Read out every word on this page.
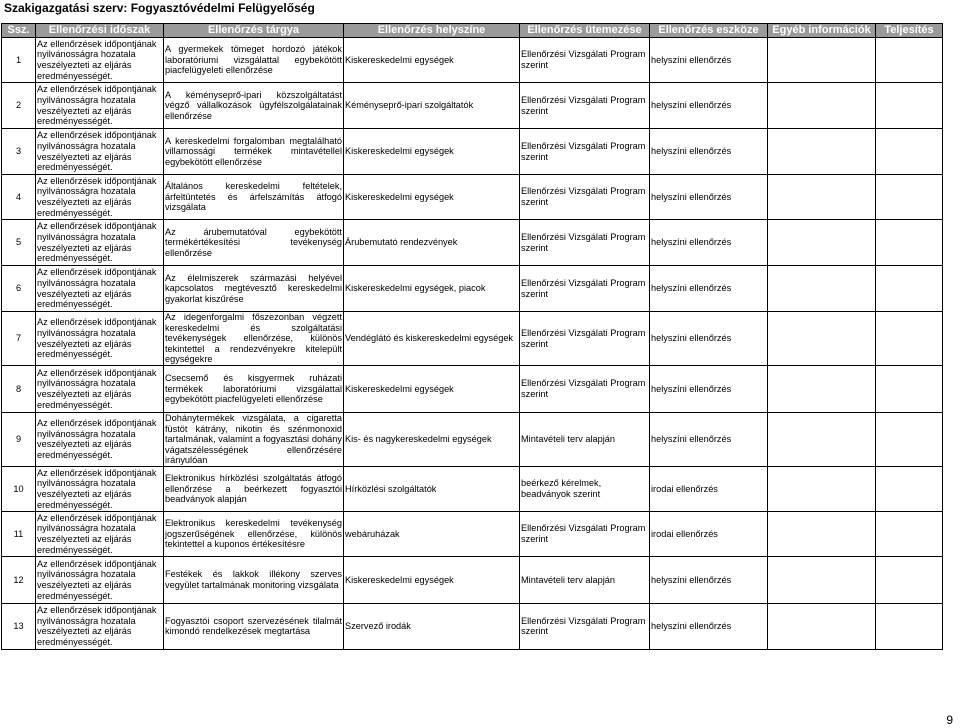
Szakigazgatási szerv: Fogyasztóvédelmi Felügyelőség
Ssz.	Ellenőrzési időszak	Ellenőrzés tárgya	Ellenőrzés helyszíne	Ellenőrzés ütemezése	Ellenőrzés eszköze	Egyéb információk	Teljesítés
1	Az ellenőrzések időpontjának nyilvánosságra hozatala veszélyezteti az eljárás eredményességét.	A gyermekek tömeget hordozó játékok laboratóriumi vizsgálattal egybekötött piacfelügyeleti ellenőrzése	Kiskereskedelmi egységek	Ellenőrzési Vizsgálati Program szerint	helyszíni ellenőrzés		
2	Az ellenőrzések időpontjának nyilvánosságra hozatala veszélyezteti az eljárás eredményességét.	A kéményseprő-ipari közszolgáltatást végző vállalkozások ügyfélszolgálatainak ellenőrzése	Kéményseprő-ipari szolgáltatók	Ellenőrzési Vizsgálati Program szerint	helyszíni ellenőrzés		
3	Az ellenőrzések időpontjának nyilvánosságra hozatala veszélyezteti az eljárás eredményességét.	A kereskedelmi forgalomban megtalálható villamossági termékek mintavétellel egybekötött ellenőrzése	Kiskereskedelmi egységek	Ellenőrzési Vizsgálati Program szerint	helyszíni ellenőrzés		
4	Az ellenőrzések időpontjának nyilvánosságra hozatala veszélyezteti az eljárás eredményességét.	Általános kereskedelmi feltételek, árfeltüntetés és árfelszámítás átfogó vizsgálata	Kiskereskedelmi egységek	Ellenőrzési Vizsgálati Program szerint	helyszíni ellenőrzés		
5	Az ellenőrzések időpontjának nyilvánosságra hozatala veszélyezteti az eljárás eredményességét.	Az árubemutatóval egybekötött termékértékesítési tevékenység ellenőrzése	Árubemutató rendezvények	Ellenőrzési Vizsgálati Program szerint	helyszíni ellenőrzés		
6	Az ellenőrzések időpontjának nyilvánosságra hozatala veszélyezteti az eljárás eredményességét.	Az élelmiszerek származási helyével kapcsolatos megtévesztő kereskedelmi gyakorlat kiszűrése	Kiskereskedelmi egységek, piacok	Ellenőrzési Vizsgálati Program szerint	helyszíni ellenőrzés		
7	Az ellenőrzések időpontjának nyilvánosságra hozatala veszélyezteti az eljárás eredményességét.	Az idegenforgalmi főszezonban végzett kereskedelmi és szolgáltatási tevékenységek ellenőrzése, különös tekintettel a rendezvényekre kitelepült egységekre	Vendéglátó és kiskereskedelmi egységek	Ellenőrzési Vizsgálati Program szerint	helyszíni ellenőrzés		
8	Az ellenőrzések időpontjának nyilvánosságra hozatala veszélyezteti az eljárás eredményességét.	Csecsemő és kisgyermek ruházati termékek laboratóriumi vizsgálattal egybekötött piacfelügyeleti ellenőrzése	Kiskereskedelmi egységek	Ellenőrzési Vizsgálati Program szerint	helyszíni ellenőrzés		
9	Az ellenőrzések időpontjának nyilvánosságra hozatala veszélyezteti az eljárás eredményességét.	Dohánytermékek vizsgálata, a cigaretta füstöt kátrány, nikotin és szénmonoxid tartalmának, valamint a fogyasztási dohány vágatszélességének ellenőrzésére irányulóan	Kis- és nagykereskedelmi egységek	Mintavételi terv alapján	helyszíni ellenőrzés		
10	Az ellenőrzések időpontjának nyilvánosságra hozatala veszélyezteti az eljárás eredményességét.	Elektronikus hírközlési szolgáltatás átfogó ellenőrzése a beérkezett fogyasztói beadványok alapján	Hírközlési szolgáltatók	beérkező kérelmek, beadványok szerint	irodai ellenőrzés		
11	Az ellenőrzések időpontjának nyilvánosságra hozatala veszélyezteti az eljárás eredményességét.	Elektronikus kereskedelmi tevékenység jogszerűségének ellenőrzése, különös tekintettel a kuponos értékesítésre	webáruházak	Ellenőrzési Vizsgálati Program szerint	irodai ellenőrzés		
12	Az ellenőrzések időpontjának nyilvánosságra hozatala veszélyezteti az eljárás eredményességét.	Festékek és lakkok illékony szerves vegyület tartalmának monitoring vizsgálata	Kiskereskedelmi egységek	Mintavételi terv alapján	helyszíni ellenőrzés		
13	Az ellenőrzések időpontjának nyilvánosságra hozatala veszélyezteti az eljárás eredményességét.	Fogyasztói csoport szervezésének tilalmát kimondó rendelkezések megtartása	Szervező irodák	Ellenőrzési Vizsgálati Program szerint	helyszíni ellenőrzés		
9
